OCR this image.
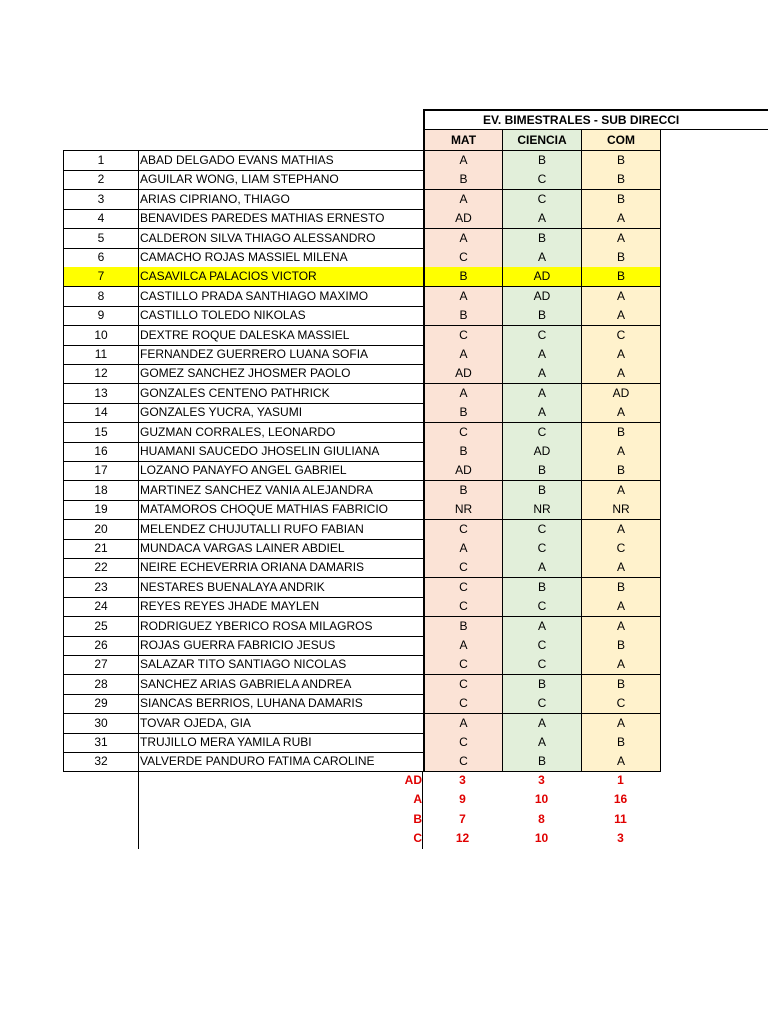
EV. BIMESTRALES - SUB DIRECCI
MAT	CIENCIA	COM
1	ABAD DELGADO EVANS MATHIAS	A	B	B
2	AGUILAR WONG, LIAM STEPHANO	B	C	B
3	ARIAS CIPRIANO, THIAGO	A	C	B
4	BENAVIDES PAREDES MATHIAS ERNESTO	AD	A	A
5	CALDERON SILVA THIAGO ALESSANDRO	A	B	A
6	CAMACHO ROJAS MASSIEL MILENA	C	A	B
7	CASAVILCA PALACIOS VICTOR	B	AD	B
8	CASTILLO PRADA SANTHIAGO MAXIMO	A	AD	A
9	CASTILLO TOLEDO NIKOLAS	B	B	A
10	DEXTRE ROQUE DALESKA MASSIEL	C	C	C
11	FERNANDEZ GUERRERO LUANA SOFIA	A	A	A
12	GOMEZ SANCHEZ JHOSMER PAOLO	AD	A	A
13	GONZALES CENTENO PATHRICK	A	A	AD
14	GONZALES YUCRA, YASUMI	B	A	A
15	GUZMAN CORRALES, LEONARDO	C	C	B
16	HUAMANI SAUCEDO JHOSELIN GIULIANA	B	AD	A
17	LOZANO PANAYFO ANGEL GABRIEL	AD	B	B
18	MARTINEZ SANCHEZ VANIA ALEJANDRA	B	B	A
19	MATAMOROS CHOQUE MATHIAS FABRICIO	NR	NR	NR
20	MELENDEZ CHUJUTALLI RUFO FABIAN	C	C	A
21	MUNDACA VARGAS LAINER ABDIEL	A	C	C
22	NEIRE ECHEVERRIA ORIANA DAMARIS	C	A	A
23	NESTARES BUENALAYA ANDRIK	C	B	B
24	REYES REYES JHADE MAYLEN	C	C	A
25	RODRIGUEZ YBERICO ROSA MILAGROS	B	A	A
26	ROJAS GUERRA FABRICIO JESUS	A	C	B
27	SALAZAR TITO SANTIAGO NICOLAS	C	C	A
28	SANCHEZ ARIAS GABRIELA ANDREA	C	B	B
29	SIANCAS BERRIOS, LUHANA DAMARIS	C	C	C
30	TOVAR OJEDA, GIA	A	A	A
31	TRUJILLO MERA YAMILA RUBI	C	A	B
32	VALVERDE PANDURO FATIMA CAROLINE	C	B	A
AD	3	3	1
A	9	10	16
B	7	8	11
C	12	10	3
